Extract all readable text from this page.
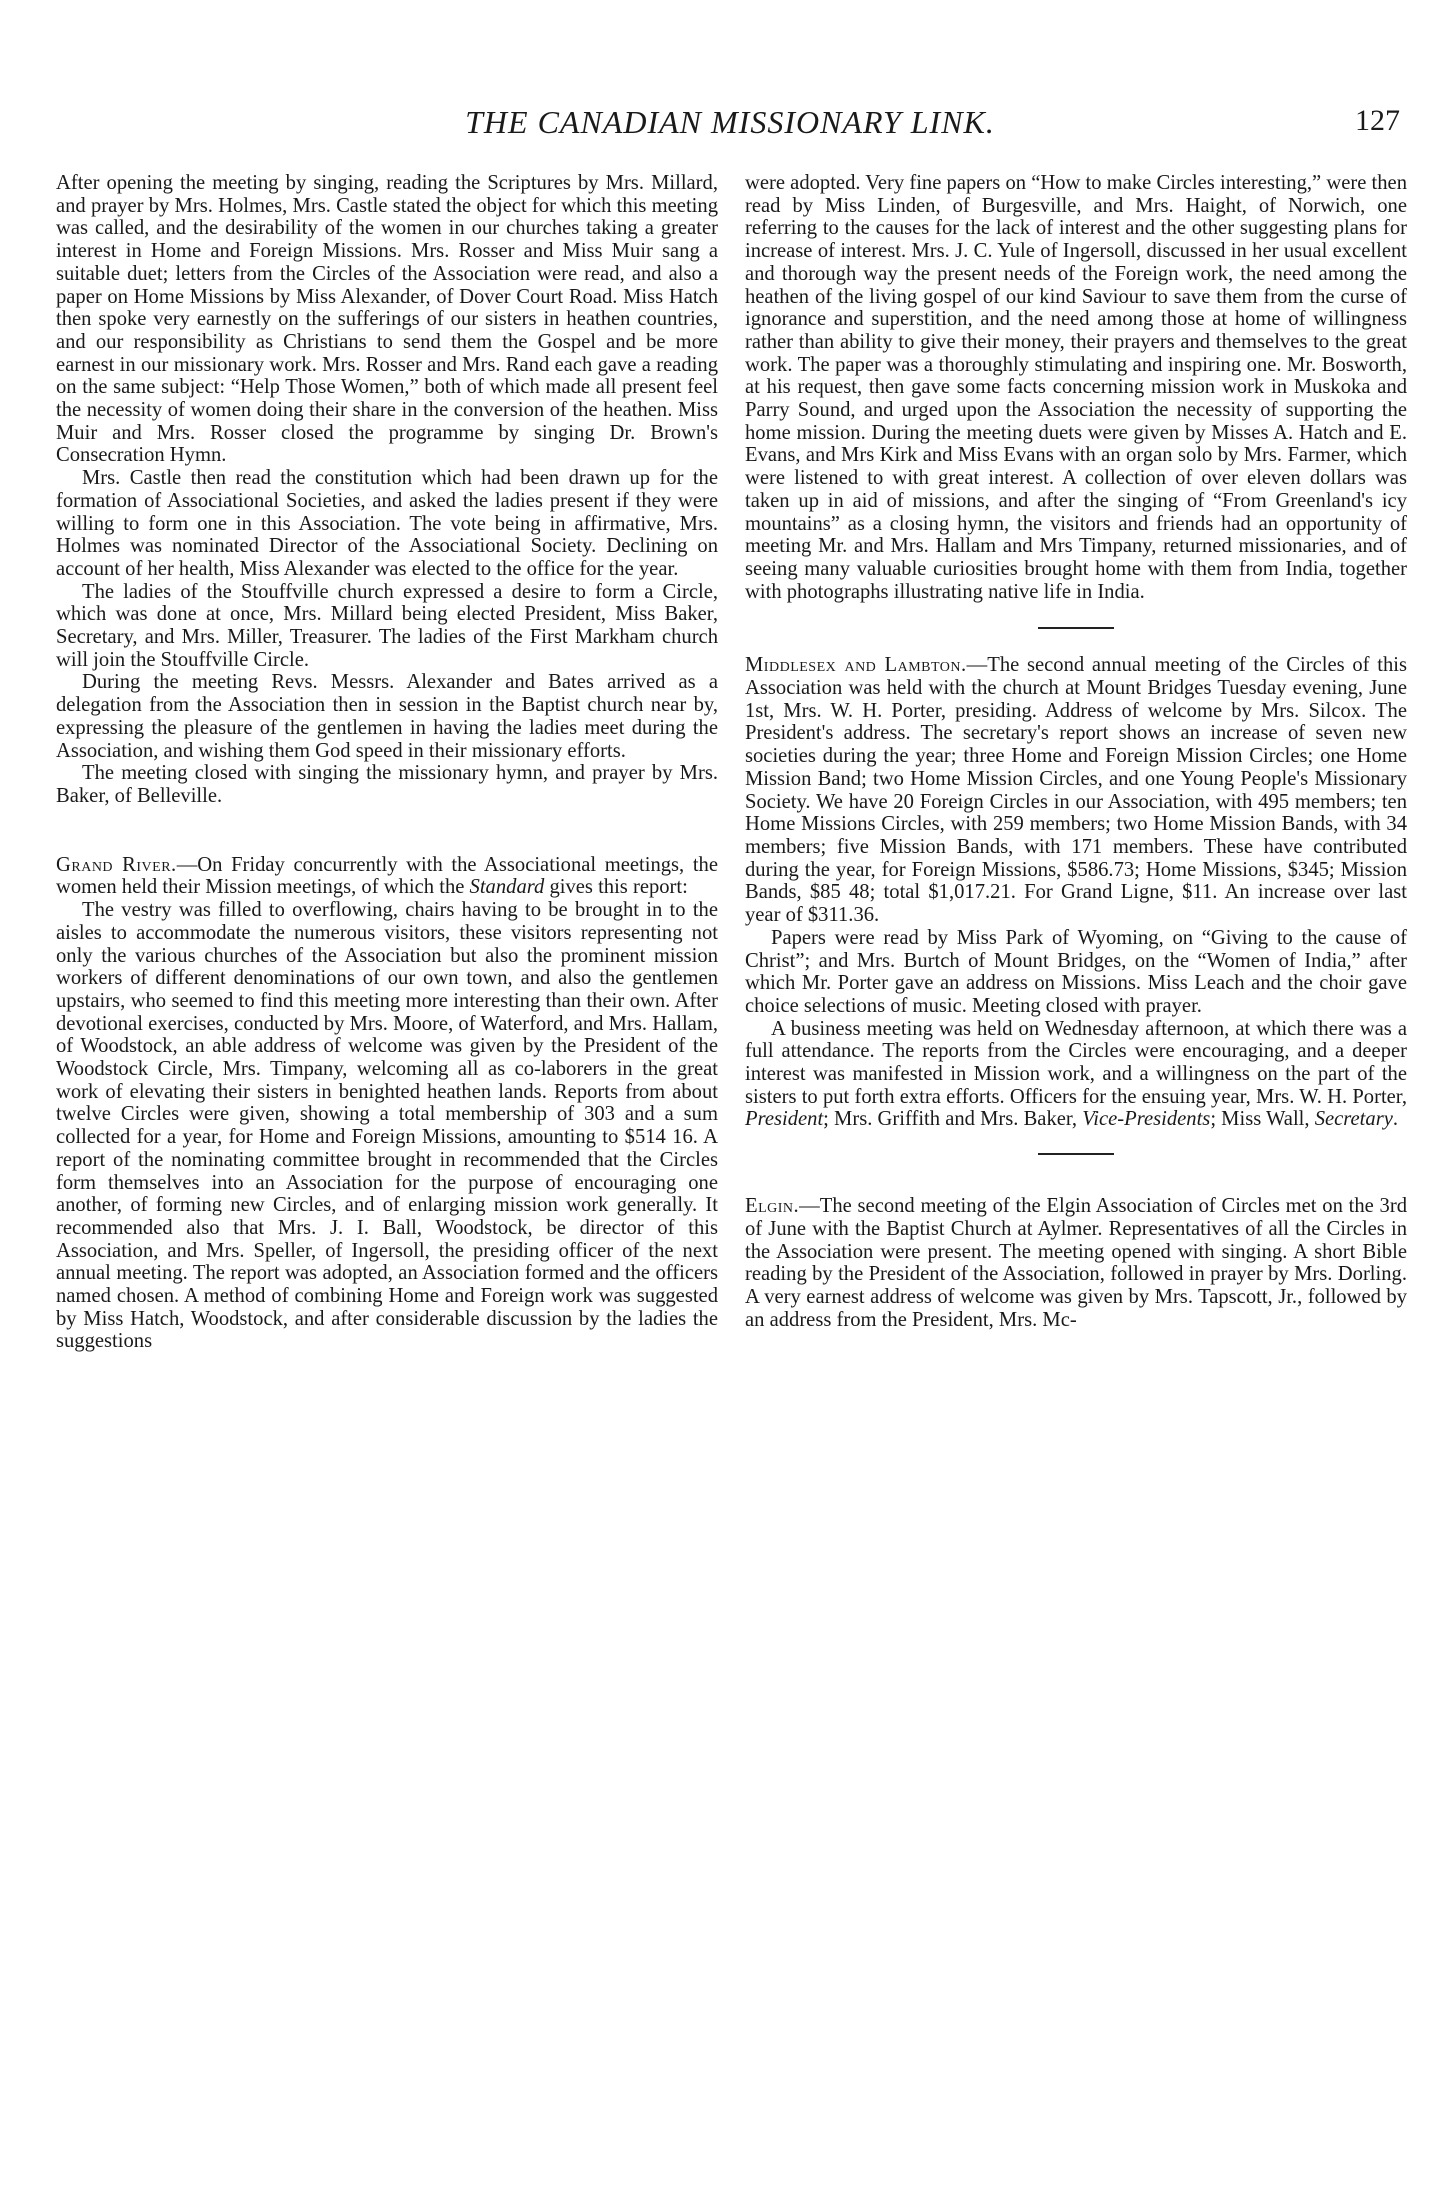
THE CANADIAN MISSIONARY LINK.	127

After opening the meeting by singing, reading the Scriptures by Mrs. Millard, and prayer by Mrs. Holmes, Mrs. Castle stated the object for which this meeting was called, and the desirability of the women in our churches taking a greater interest in Home and Foreign Missions. Mrs. Rosser and Miss Muir sang a suitable duet; letters from the Circles of the Association were read, and also a paper on Home Missions by Miss Alexander, of Dover Court Road. Miss Hatch then spoke very earnestly on the sufferings of our sisters in heathen countries, and our responsibility as Christians to send them the Gospel and be more earnest in our missionary work. Mrs. Rosser and Mrs. Rand each gave a reading on the same subject: “Help Those Women,” both of which made all present feel the necessity of women doing their share in the conversion of the heathen. Miss Muir and Mrs. Rosser closed the programme by singing Dr. Brown's Consecration Hymn.

Mrs. Castle then read the constitution which had been drawn up for the formation of Associational Societies, and asked the ladies present if they were willing to form one in this Association. The vote being in affirmative, Mrs. Holmes was nominated Director of the Associational Society. Declining on account of her health, Miss Alexander was elected to the office for the year.

The ladies of the Stouffville church expressed a desire to form a Circle, which was done at once, Mrs. Millard being elected President, Miss Baker, Secretary, and Mrs. Miller, Treasurer. The ladies of the First Markham church will join the Stouffville Circle.

During the meeting Revs. Messrs. Alexander and Bates arrived as a delegation from the Association then in session in the Baptist church near by, expressing the pleasure of the gentlemen in having the ladies meet during the Association, and wishing them God speed in their missionary efforts.

The meeting closed with singing the missionary hymn, and prayer by Mrs. Baker, of Belleville.

Grand River.—On Friday concurrently with the Associational meetings, the women held their Mission meetings, of which the Standard gives this report:

The vestry was filled to overflowing, chairs having to be brought in to the aisles to accommodate the numerous visitors, these visitors representing not only the various churches of the Association but also the prominent mission workers of different denominations of our own town, and also the gentlemen upstairs, who seemed to find this meeting more interesting than their own. After devotional exercises, conducted by Mrs. Moore, of Waterford, and Mrs. Hallam, of Woodstock, an able address of welcome was given by the President of the Woodstock Circle, Mrs. Timpany, welcoming all as co-laborers in the great work of elevating their sisters in benighted heathen lands. Reports from about twelve Circles were given, showing a total membership of 303 and a sum collected for a year, for Home and Foreign Missions, amounting to $514 16. A report of the nominating committee brought in recommended that the Circles form themselves into an Association for the purpose of encouraging one another, of forming new Circles, and of enlarging mission work generally. It recommended also that Mrs. J. I. Ball, Woodstock, be director of this Association, and Mrs. Speller, of Ingersoll, the presiding officer of the next annual meeting. The report was adopted, an Association formed and the officers named chosen. A method of combining Home and Foreign work was suggested by Miss Hatch, Woodstock, and after considerable discussion by the ladies the suggestions

were adopted. Very fine papers on “How to make Circles interesting,” were then read by Miss Linden, of Burgesville, and Mrs. Haight, of Norwich, one referring to the causes for the lack of interest and the other suggesting plans for increase of interest. Mrs. J. C. Yule of Ingersoll, discussed in her usual excellent and thorough way the present needs of the Foreign work, the need among the heathen of the living gospel of our kind Saviour to save them from the curse of ignorance and superstition, and the need among those at home of willingness rather than ability to give their money, their prayers and themselves to the great work. The paper was a thoroughly stimulating and inspiring one. Mr. Bosworth, at his request, then gave some facts concerning mission work in Muskoka and Parry Sound, and urged upon the Association the necessity of supporting the home mission. During the meeting duets were given by Misses A. Hatch and E. Evans, and Mrs Kirk and Miss Evans with an organ solo by Mrs. Farmer, which were listened to with great interest. A collection of over eleven dollars was taken up in aid of missions, and after the singing of “From Greenland's icy mountains” as a closing hymn, the visitors and friends had an opportunity of meeting Mr. and Mrs. Hallam and Mrs Timpany, returned missionaries, and of seeing many valuable curiosities brought home with them from India, together with photographs illustrating native life in India.

Middlesex and Lambton.—The second annual meeting of the Circles of this Association was held with the church at Mount Bridges Tuesday evening, June 1st, Mrs. W. H. Porter, presiding. Address of welcome by Mrs. Silcox. The President's address. The secretary's report shows an increase of seven new societies during the year; three Home and Foreign Mission Circles; one Home Mission Band; two Home Mission Circles, and one Young People's Missionary Society. We have 20 Foreign Circles in our Association, with 495 members; ten Home Missions Circles, with 259 members; two Home Mission Bands, with 34 members; five Mission Bands, with 171 members. These have contributed during the year, for Foreign Missions, $586.73; Home Missions, $345; Mission Bands, $85 48; total $1,017.21. For Grand Ligne, $11. An increase over last year of $311.36.

Papers were read by Miss Park of Wyoming, on “Giving to the cause of Christ”; and Mrs. Burtch of Mount Bridges, on the “Women of India,” after which Mr. Porter gave an address on Missions. Miss Leach and the choir gave choice selections of music. Meeting closed with prayer.

A business meeting was held on Wednesday afternoon, at which there was a full attendance. The reports from the Circles were encouraging, and a deeper interest was manifested in Mission work, and a willingness on the part of the sisters to put forth extra efforts. Officers for the ensuing year, Mrs. W. H. Porter, President; Mrs. Griffith and Mrs. Baker, Vice-Presidents; Miss Wall, Secretary.

Elgin.—The second meeting of the Elgin Association of Circles met on the 3rd of June with the Baptist Church at Aylmer. Representatives of all the Circles in the Association were present. The meeting opened with singing. A short Bible reading by the President of the Association, followed in prayer by Mrs. Dorling. A very earnest address of welcome was given by Mrs. Tapscott, Jr., followed by an address from the President, Mrs. Mc-
